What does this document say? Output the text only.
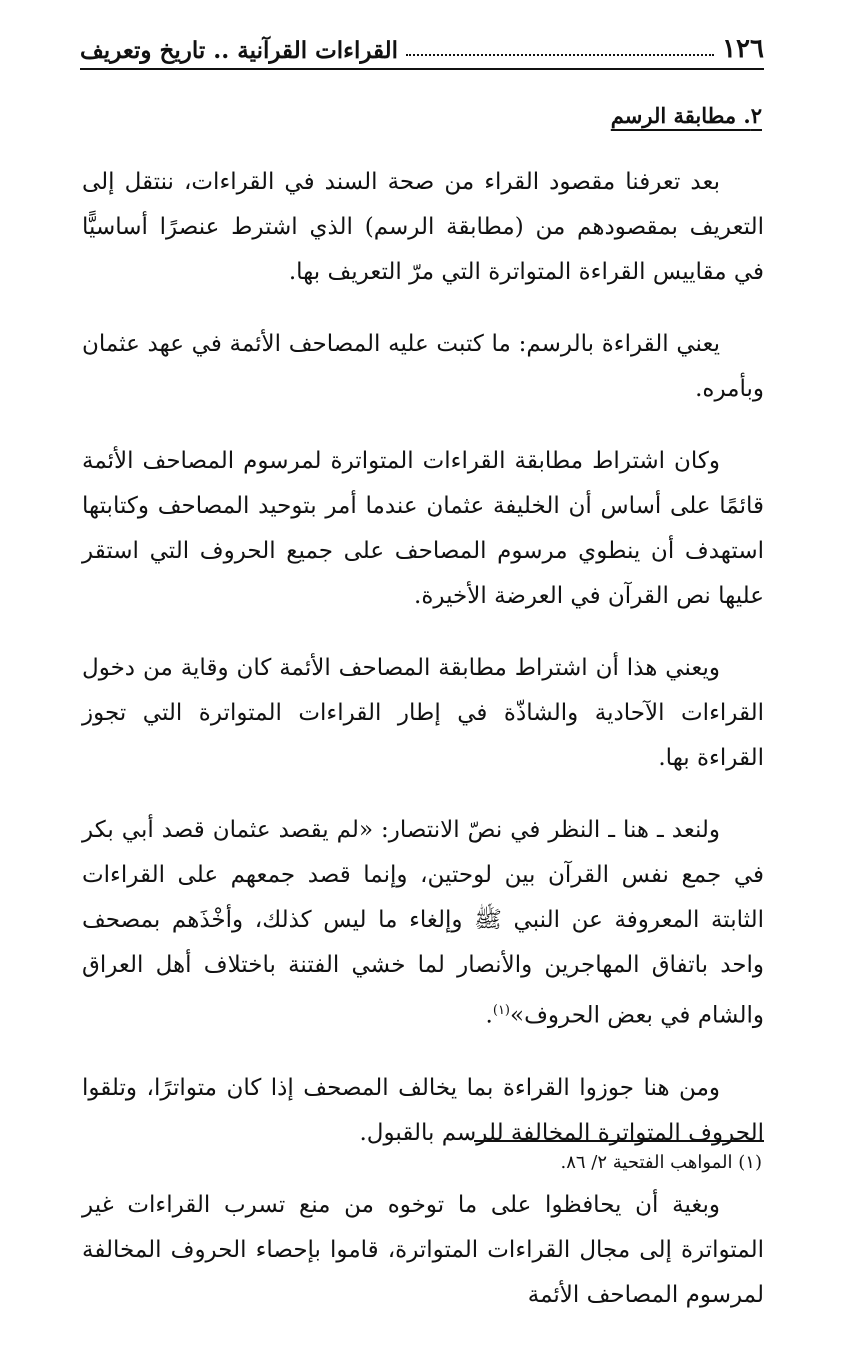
١٢٦
القراءات القرآنية .. تاريخ وتعريف
٢. مطابقة الرسم

بعد تعرفنا مقصود القراء من صحة السند في القراءات، ننتقل إلى التعريف بمقصودهم من (مطابقة الرسم) الذي اشترط عنصرًا أساسيًّا في مقاييس القراءة المتواترة التي مرّ التعريف بها.

يعني القراءة بالرسم: ما كتبت عليه المصاحف الأئمة في عهد عثمان وبأمره.

وكان اشتراط مطابقة القراءات المتواترة لمرسوم المصاحف الأئمة قائمًا على أساس أن الخليفة عثمان عندما أمر بتوحيد المصاحف وكتابتها استهدف أن ينطوي مرسوم المصاحف على جميع الحروف التي استقر عليها نص القرآن في العرضة الأخيرة.

ويعني هذا أن اشتراط مطابقة المصاحف الأئمة كان وقاية من دخول القراءات الآحادية والشاذّة في إطار القراءات المتواترة التي تجوز القراءة بها.

ولنعد ـ هنا ـ النظر في نصّ الانتصار: «لم يقصد عثمان قصد أبي بكر في جمع نفس القرآن بين لوحتين، وإنما قصد جمعهم على القراءات الثابتة المعروفة عن النبي ﷺ وإلغاء ما ليس كذلك، وأخْذَهم بمصحف واحد باتفاق المهاجرين والأنصار لما خشي الفتنة باختلاف أهل العراق والشام في بعض الحروف»$^{(١)}$.

ومن هنا جوزوا القراءة بما يخالف المصحف إذا كان متواترًا، وتلقوا الحروف المتواترة المخالفة للرسم بالقبول.

وبغية أن يحافظوا على ما توخوه من منع تسرب القراءات غير المتواترة إلى مجال القراءات المتواترة، قاموا بإحصاء الحروف المخالفة لمرسوم المصاحف الأئمة

(١) المواهب الفتحية ٢/ ٨٦.
